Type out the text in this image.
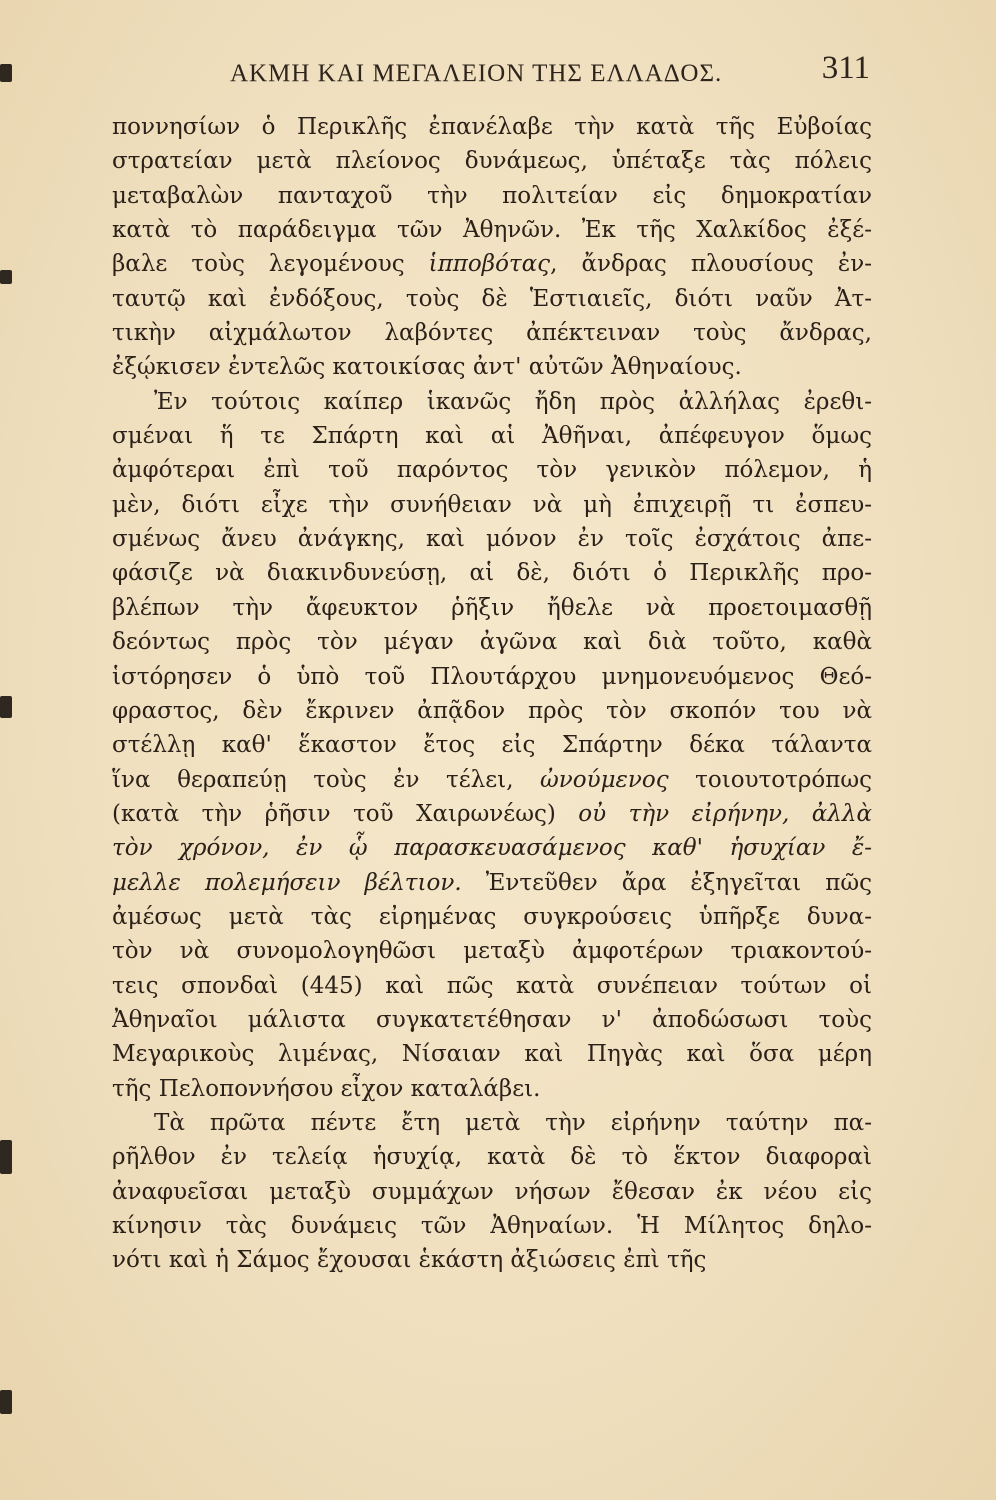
ΑΚΜΗ ΚΑΙ ΜΕΓΑΛΕΙΟΝ ΤΗΣ ΕΛΛΑΔΟΣ.	311
ποννησίων ὁ Περικλῆς ἐπανέλαβε τὴν κατὰ τῆς Εὐβοίας
στρατείαν μετὰ πλείονος δυνάμεως, ὑπέταξε τὰς πόλεις
μεταβαλὼν πανταχοῦ τὴν πολιτείαν εἰς δημοκρατίαν
κατὰ τὸ παράδειγμα τῶν Ἀθηνῶν. Ἐκ τῆς Χαλκίδος ἐξέ-
βαλε τοὺς λεγομένους ἱπποβότας, ἄνδρας πλουσίους ἐν-
ταυτῷ καὶ ἐνδόξους, τοὺς δὲ Ἑστιαιεῖς, διότι ναῦν Ἀτ-
τικὴν αἰχμάλωτον λαβόντες ἀπέκτειναν τοὺς ἄνδρας,
ἐξῴκισεν ἐντελῶς κατοικίσας ἀντ' αὐτῶν Ἀθηναίους.
Ἐν τούτοις καίπερ ἱκανῶς ἤδη πρὸς ἀλλήλας ἐρεθι-
σμέναι ἥ τε Σπάρτη καὶ αἱ Ἀθῆναι, ἀπέφευγον ὅμως
ἀμφότεραι ἐπὶ τοῦ παρόντος τὸν γενικὸν πόλεμον, ἡ
μὲν, διότι εἶχε τὴν συνήθειαν νὰ μὴ ἐπιχειρῇ τι ἐσπευ-
σμένως ἄνευ ἀνάγκης, καὶ μόνον ἐν τοῖς ἐσχάτοις ἀπε-
φάσιζε νὰ διακινδυνεύσῃ, αἱ δὲ, διότι ὁ Περικλῆς προ-
βλέπων τὴν ἄφευκτον ῥῆξιν ἤθελε νὰ προετοιμασθῇ
δεόντως πρὸς τὸν μέγαν ἀγῶνα καὶ διὰ τοῦτο, καθὰ
ἱστόρησεν ὁ ὑπὸ τοῦ Πλουτάρχου μνημονευόμενος Θεό-
φραστος, δὲν ἔκρινεν ἀπᾷδον πρὸς τὸν σκοπόν του νὰ
στέλλῃ καθ' ἕκαστον ἔτος εἰς Σπάρτην δέκα τάλαντα
ἵνα θεραπεύῃ τοὺς ἐν τέλει, ὠνούμενος τοιουτοτρόπως
(κατὰ τὴν ῥῆσιν τοῦ Χαιρωνέως) οὐ τὴν εἰρήνην, ἀλλὰ
τὸν χρόνον, ἐν ᾧ παρασκευασάμενος καθ' ἡσυχίαν ἔ-
μελλε πολεμήσειν βέλτιον. Ἐντεῦθεν ἄρα ἐξηγεῖται πῶς
ἀμέσως μετὰ τὰς εἰρημένας συγκρούσεις ὑπῆρξε δυνα-
τὸν νὰ συνομολογηθῶσι μεταξὺ ἀμφοτέρων τριακοντού-
τεις σπονδαὶ (445) καὶ πῶς κατὰ συνέπειαν τούτων οἱ
Ἀθηναῖοι μάλιστα συγκατετέθησαν ν' ἀποδώσωσι τοὺς
Μεγαρικοὺς λιμένας, Νίσαιαν καὶ Πηγὰς καὶ ὅσα μέρη
τῆς Πελοποννήσου εἶχον καταλάβει.
Τὰ πρῶτα πέντε ἔτη μετὰ τὴν εἰρήνην ταύτην πα-
ρῆλθον ἐν τελείᾳ ἡσυχίᾳ, κατὰ δὲ τὸ ἕκτον διαφοραὶ
ἀναφυεῖσαι μεταξὺ συμμάχων νήσων ἔθεσαν ἐκ νέου εἰς
κίνησιν τὰς δυνάμεις τῶν Ἀθηναίων. Ἡ Μίλητος δηλο-
νότι καὶ ἡ Σάμος ἔχουσαι ἑκάστη ἀξιώσεις ἐπὶ τῆς
